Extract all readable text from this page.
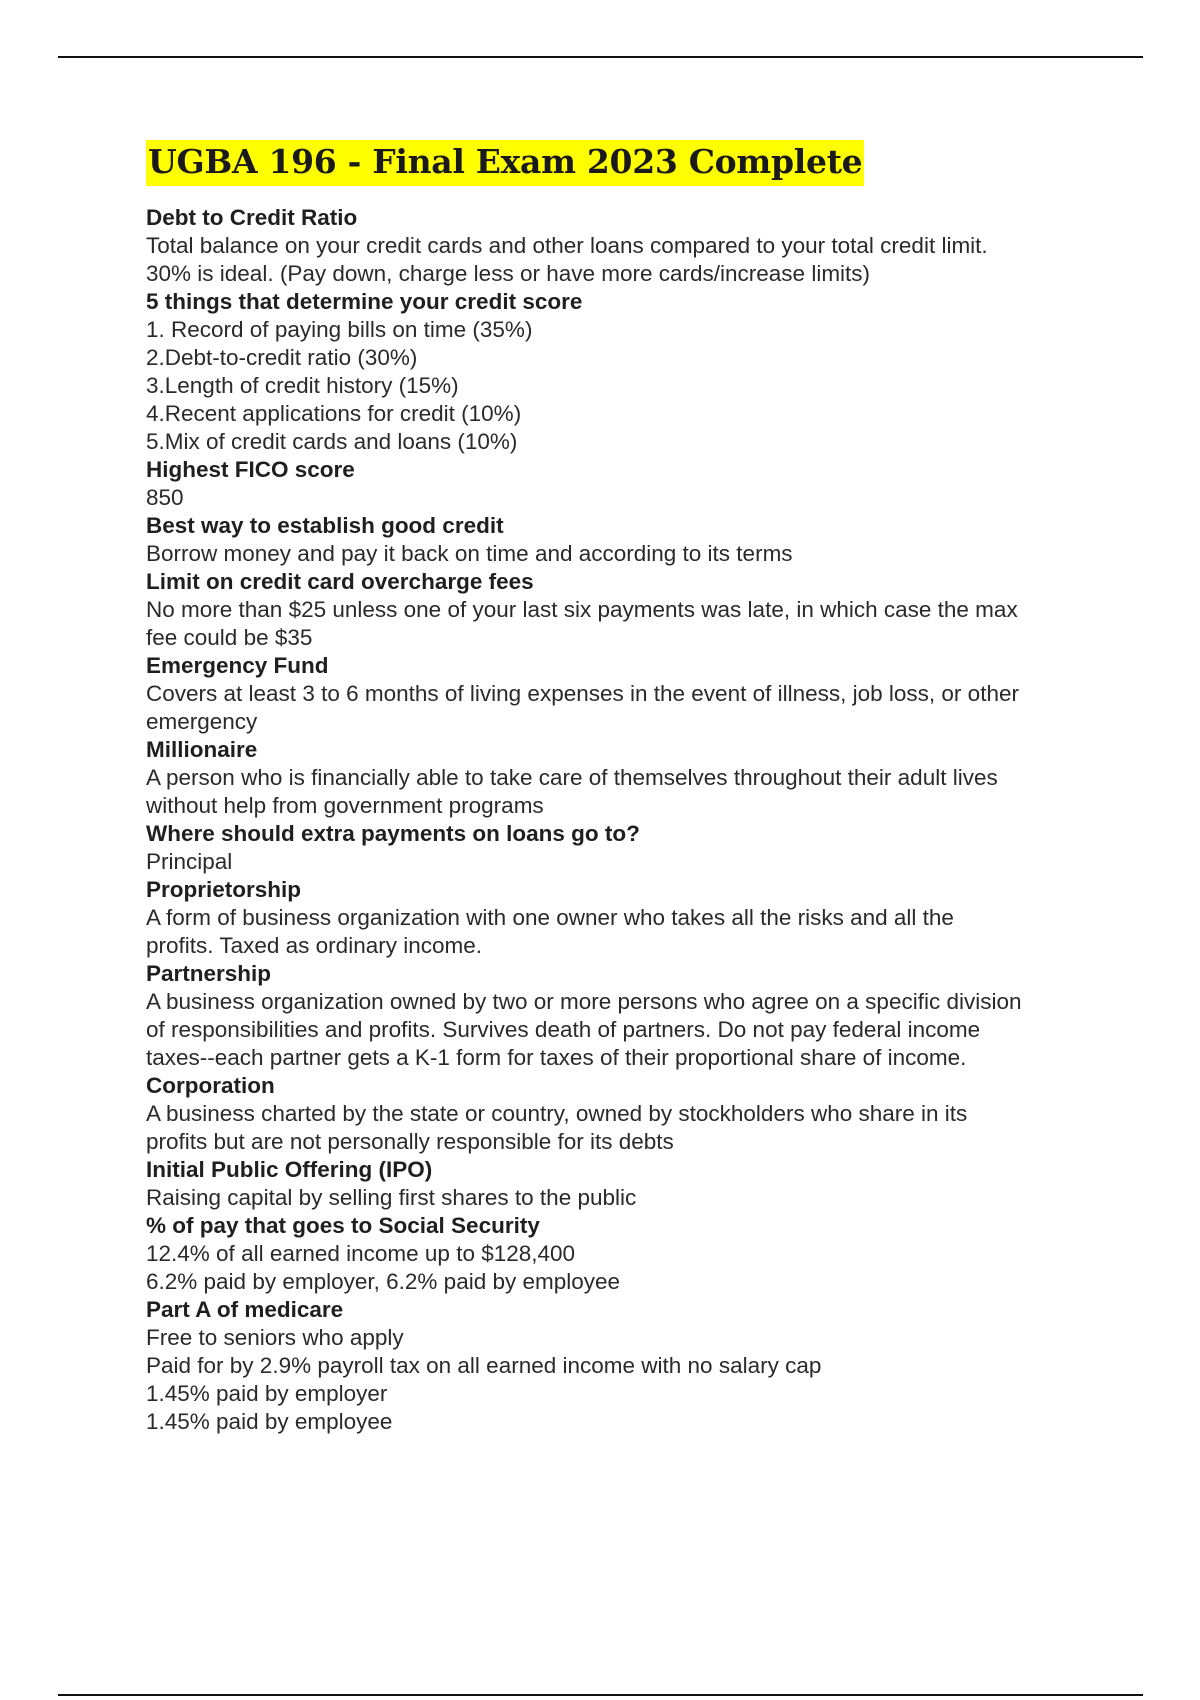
UGBA 196 - Final Exam 2023 Complete
Debt to Credit Ratio
Total balance on your credit cards and other loans compared to your total credit limit.
30% is ideal. (Pay down, charge less or have more cards/increase limits)
5 things that determine your credit score
1. Record of paying bills on time (35%)
2.Debt-to-credit ratio (30%)
3.Length of credit history (15%)
4.Recent applications for credit (10%)
5.Mix of credit cards and loans (10%)
Highest FICO score
850
Best way to establish good credit
Borrow money and pay it back on time and according to its terms
Limit on credit card overcharge fees
No more than $25 unless one of your last six payments was late, in which case the max
fee could be $35
Emergency Fund
Covers at least 3 to 6 months of living expenses in the event of illness, job loss, or other
emergency
Millionaire
A person who is financially able to take care of themselves throughout their adult lives
without help from government programs
Where should extra payments on loans go to?
Principal
Proprietorship
A form of business organization with one owner who takes all the risks and all the
profits. Taxed as ordinary income.
Partnership
A business organization owned by two or more persons who agree on a specific division
of responsibilities and profits. Survives death of partners. Do not pay federal income
taxes--each partner gets a K-1 form for taxes of their proportional share of income.
Corporation
A business charted by the state or country, owned by stockholders who share in its
profits but are not personally responsible for its debts
Initial Public Offering (IPO)
Raising capital by selling first shares to the public
% of pay that goes to Social Security
12.4% of all earned income up to $128,400
6.2% paid by employer, 6.2% paid by employee
Part A of medicare
Free to seniors who apply
Paid for by 2.9% payroll tax on all earned income with no salary cap
1.45% paid by employer
1.45% paid by employee
